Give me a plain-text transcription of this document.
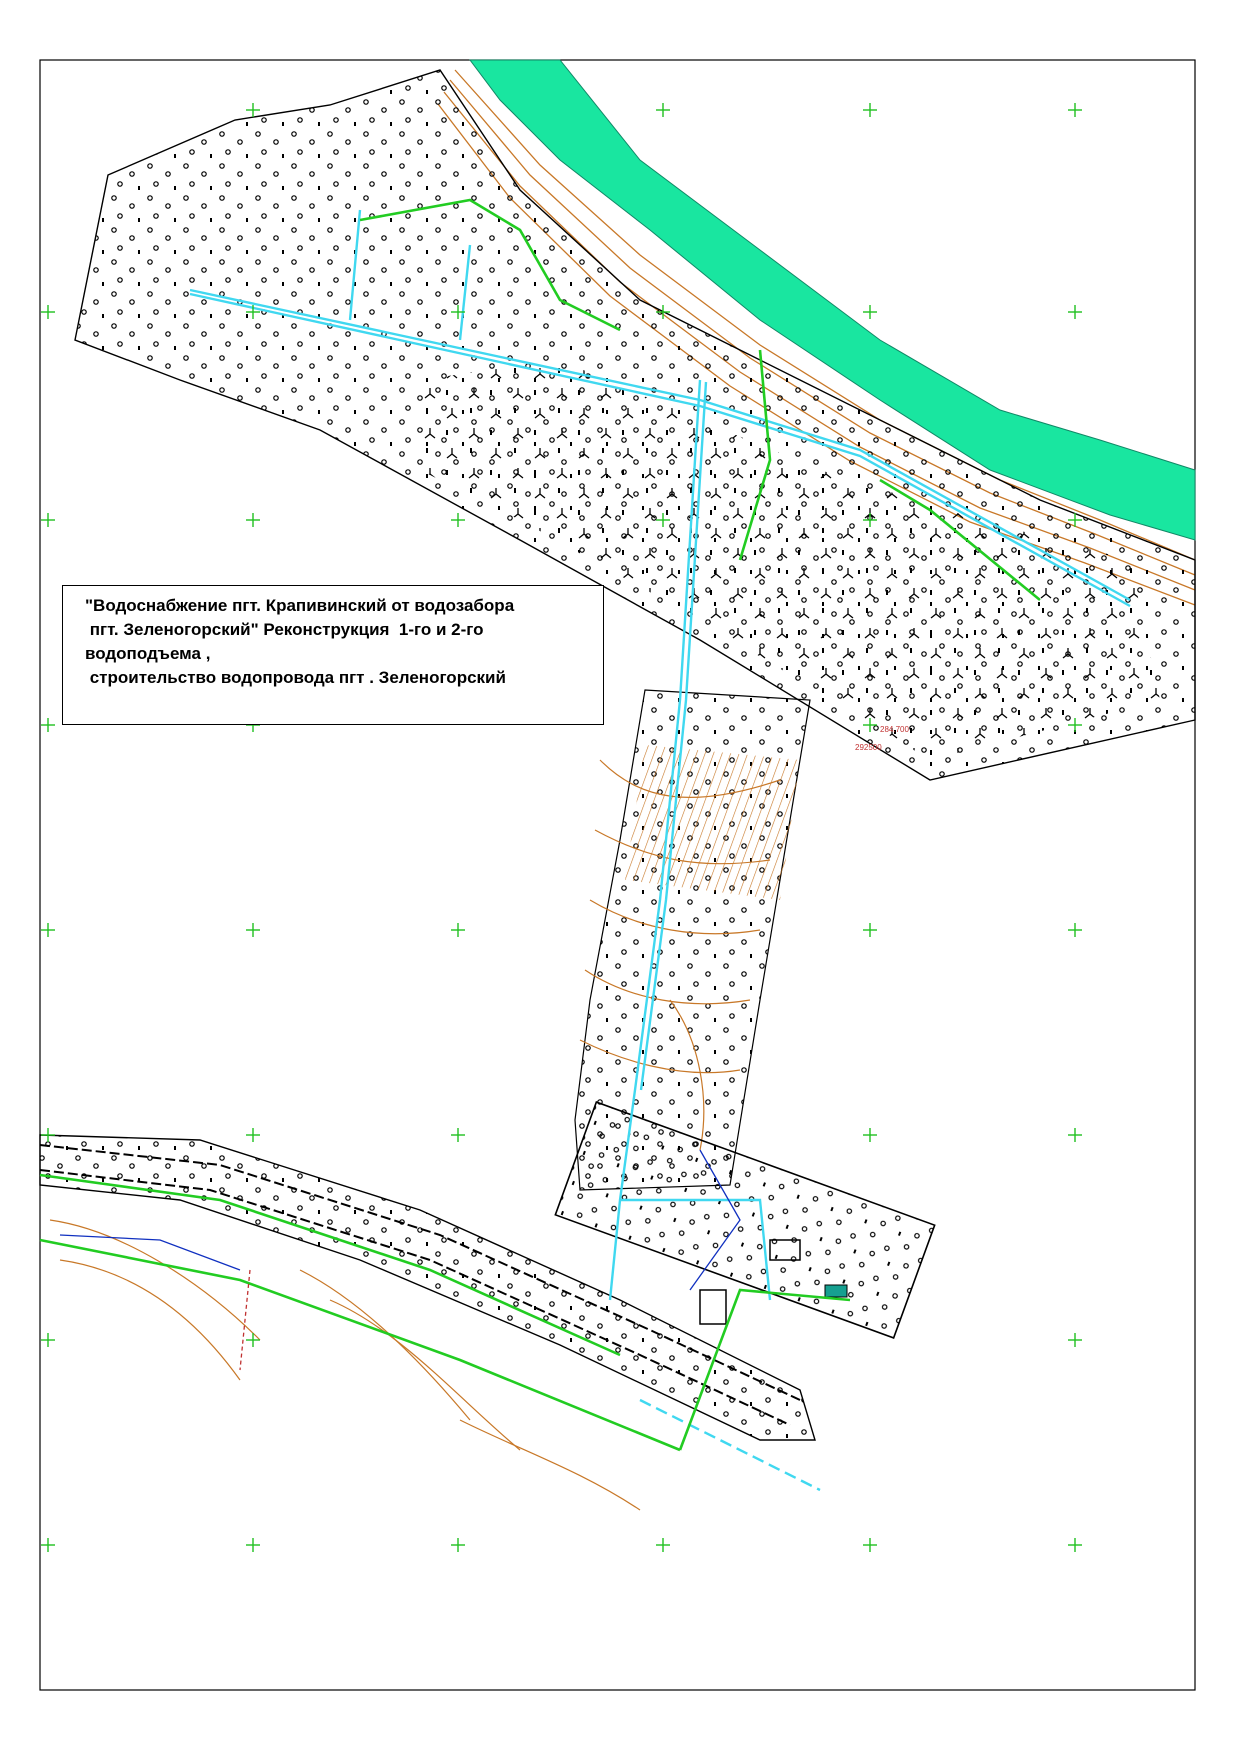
292500
284.700
"Водоснабжение пгт. Крапивинский от водозабора
пгт. Зеленогорский" Реконструкция  1-го и 2-го
водоподъема ,
строительство водопровода пгт . Зеленогорский
